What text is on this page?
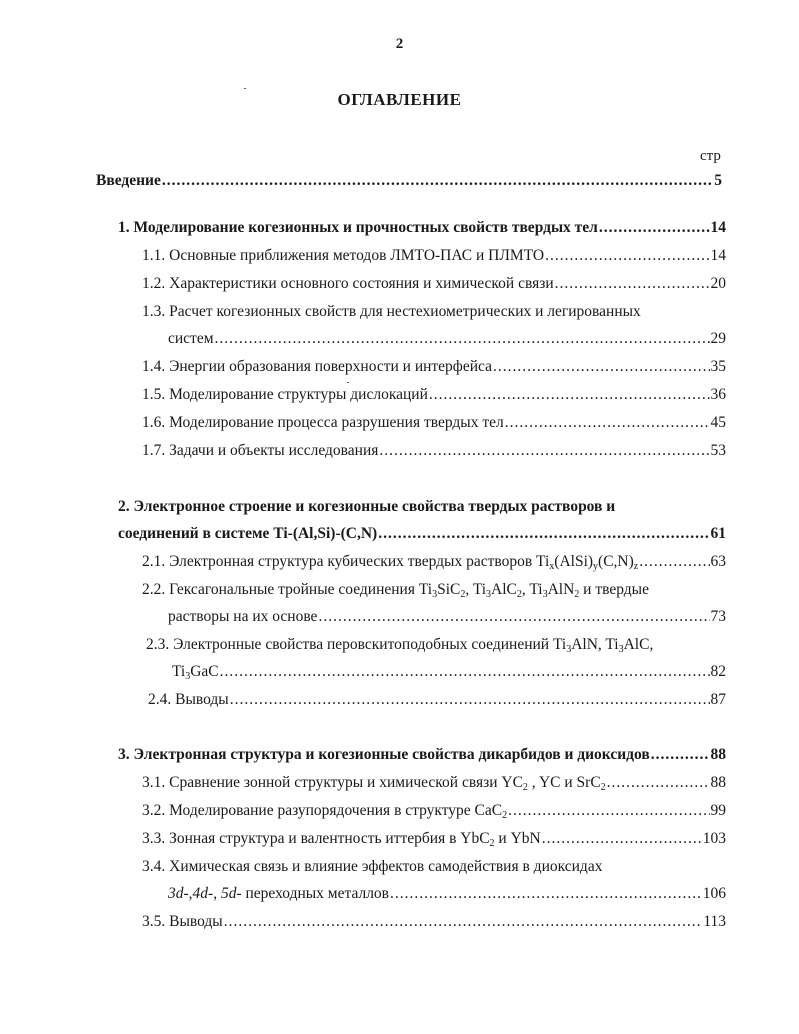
2
ОГЛАВЛЕНИЕ
стр
Введение .....	5
1. Моделирование когезионных и прочностных свойств твердых тел .....	14
1.1. Основные приближения методов ЛМТО-ПАС и ПЛМТО .....	14
1.2. Характеристики основного состояния и химической связи .....	20
1.3. Расчет когезионных свойств для нестехиометрических и легированных
систем .....	29
1.4. Энергии образования поверхности и интерфейса .....	35
1.5. Моделирование структуры дислокаций .....	36
1.6. Моделирование процесса разрушения твердых тел .....	45
1.7. Задачи и объекты исследования .....	53
2. Электронное строение и когезионные свойства твердых растворов и
соединений в системе Ti-(Al,Si)-(C,N) .....	61
2.1. Электронная структура кубических твердых растворов $Ti_x(AlSi)_y(C,N)_z$ .....	63
2.2. Гексагональные тройные соединения $Ti_3SiC_2$, $Ti_3AlC_2$, $Ti_3AlN_2$ и твердые
растворы на их основе .....	73
2.3. Электронные свойства перовскитоподобных соединений $Ti_3AlN$, $Ti_3AlC$,
$Ti_3GaC$ .....	82
2.4. Выводы .....	87
3. Электронная структура и когезионные свойства дикарбидов и диоксидов .....	88
3.1. Сравнение зонной структуры и химической связи $YC_2$ , YC и SrC$_2$ .....	88
3.2. Моделирование разупорядочения в структуре CaC$_2$ .....	99
3.3. Зонная структура и валентность иттербия в YbC$_2$ и YbN .....	103
3.4. Химическая связь и влияние эффектов самодействия в диоксидах
3d-,4d-, 5d- переходных металлов .....	106
3.5. Выводы .....	113
